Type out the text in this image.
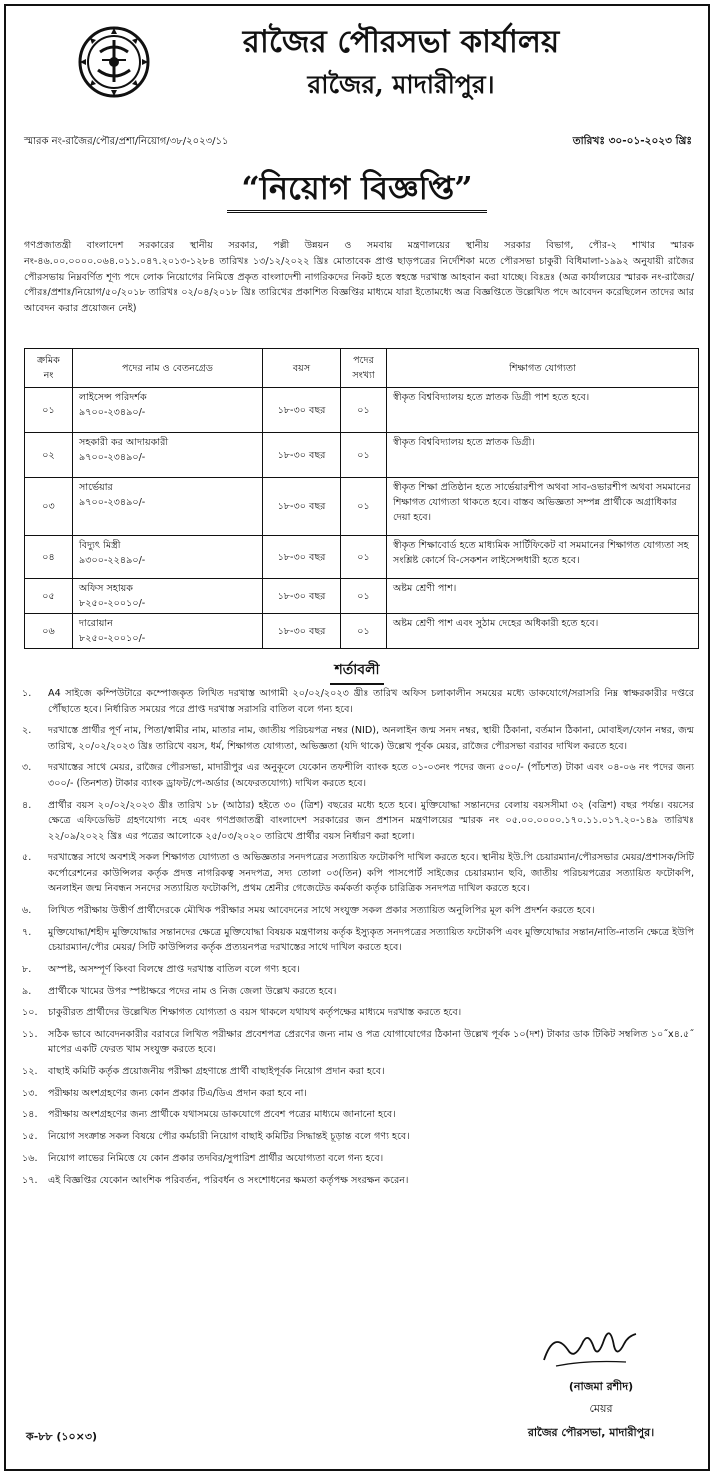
রাজৈর পৌরসভা কার্যালয়
রাজৈর, মাদারীপুর।
স্মারক নং-রাজৈর/পৌর/প্রশা/নিয়োগ/৩৮/২০২৩/১১	তারিখঃ ৩০-০১-২০২৩ খ্রিঃ
“নিয়োগ বিজ্ঞপ্তি”
গণপ্রজাতন্ত্রী বাংলাদেশ সরকারের স্থানীয় সরকার, পল্লী উন্নয়ন ও সমবায় মন্ত্রণালয়ের স্থানীয় সরকার বিভাগ, পৌর-২ শাখার স্মারক নং-৪৬.০০.০০০০.০৬৪.০১১.০৪৭.২০১৩-১২৮৪ তারিখঃ ১৩/১২/২০২২ খ্রিঃ মোতাবেক প্রাপ্ত ছাড়পত্রের নির্দেশিকা মতে পৌরসভা চাকুরী বিধিমালা-১৯৯২ অনুযায়ী রাজৈর পৌরসভায় নিম্নবর্ণিত শূণ্য পদে লোক নিয়োগের নিমিত্তে প্রকৃত বাংলাদেশী নাগরিকদের নিকট হতে স্বহস্তে দরখাস্ত আহবান করা যাচ্ছে। বিঃদ্রঃ (অত্র কার্যালয়ের স্মারক নং-রাজৈর/পৌরঃ/প্রশাঃ/নিয়োগ/৫০/২০১৮ তারিখঃ ০২/০৪/২০১৮ খ্রিঃ তারিখের প্রকাশিত বিজ্ঞপ্তির মাধ্যমে যারা ইতোমধ্যে অত্র বিজ্ঞপ্তিতে উল্লেখিত পদে আবেদন করেছিলেন তাদের আর আবেদন করার প্রয়োজন নেই)
ক্রমিক নং	পদের নাম ও বেতনগ্রেড	বয়স	পদের সংখ্যা	শিক্ষাগত যোগ্যতা
০১	লাইসেন্স পরিদর্শক
৯৭০০-২৩৪৯০/-	১৮-৩০ বছর	০১	স্বীকৃত বিশ্ববিদ্যালয় হতে স্নাতক ডিগ্রী পাশ হতে হবে।
০২	সহকারী কর আদায়কারী
৯৭০০-২৩৪৯০/-	১৮-৩০ বছর	০১	স্বীকৃত বিশ্ববিদ্যালয় হতে স্নাতক ডিগ্রী।
০৩	সার্ভেয়ার
৯৭০০-২৩৪৯০/-	১৮-৩০ বছর	০১	স্বীকৃত শিক্ষা প্রতিষ্ঠান হতে সার্ভেয়ারশীপ অথবা সাব-ওভারশীপ অথবা সমমানের শিক্ষাগত যোগ্যতা থাকতে হবে। বাস্তব অভিজ্ঞতা সম্পন্ন প্রার্থীকে অগ্রাধিকার দেয়া হবে।
০৪	বিদ্যুৎ মিস্ত্রী
৯৩০০-২২৪৯০/-	১৮-৩০ বছর	০১	স্বীকৃত শিক্ষাবোর্ড হতে মাধ্যমিক সার্টিফিকেট বা সমমানের শিক্ষাগত যোগ্যতা সহ সংশ্লিষ্ট কোর্সে বি-সেকশন লাইসেন্সধারী হতে হবে।
০৫	অফিস সহায়ক
৮২৫০-২০০১০/-	১৮-৩০ বছর	০১	অষ্টম শ্রেণী পাশ।
০৬	দারোয়ান
৮২৫০-২০০১০/-	১৮-৩০ বছর	০১	অষ্টম শ্রেণী পাশ এবং সুঠাম দেহের অধিকারী হতে হবে।
শর্তাবলী
১.	A4 সাইজে কম্পিউটারে কম্পোজকৃত লিখিত দরখাস্ত আগামী ২০/০২/২০২৩ খ্রীঃ তারিখ অফিস চলাকালীন সময়ের মধ্যে ডাকযোগে/সরাসরি নিম্ন স্বাক্ষরকারীর দপ্তরে পৌঁছাতে হবে। নির্ধারিত সময়ের পরে প্রাপ্ত দরখাস্ত সরাসরি বাতিল বলে গন্য হবে।
২.	দরখাস্তে প্রার্থীর পূর্ণ নাম, পিতা/স্বামীর নাম, মাতার নাম, জাতীয় পরিচয়পত্র নম্বর (NID), অনলাইন জন্ম সনদ নম্বর, স্থায়ী ঠিকানা, বর্তমান ঠিকানা, মোবাইল/ফোন নম্বর, জন্ম তারিখ, ২০/০২/২০২৩ খ্রিঃ তারিখে বয়স, ধর্ম, শিক্ষাগত যোগ্যতা, অভিজ্ঞতা (যদি থাকে) উল্লেখ পূর্বক মেয়র, রাজৈর পৌরসভা বরাবর দাখিল করতে হবে।
৩.	দরখাস্তের সাথে মেয়র, রাজৈর পৌরসভা, মাদারীপুর এর অনুকূলে যেকোন তফশীলি ব্যাংক হতে ০১-০৩নং পদের জন্য ৫০০/- (পাঁচশত) টাকা এবং ০৪-০৬ নং পদের জন্য ৩০০/- (তিনশত) টাকার ব্যাংক ড্রাফট/পে-অর্ডার (অফেরতযোগ্য) দাখিল করতে হবে।
৪.	প্রার্থীর বয়স ২০/০২/২০২৩ খ্রীঃ তারিখ ১৮ (আঠার) হইতে ৩০ (ত্রিশ) বছরের মধ্যে হতে হবে। মুক্তিযোদ্ধা সন্তানদের বেলায় বয়সসীমা ৩২ (বত্রিশ) বছর পর্যন্ত। বয়সের ক্ষেত্রে এফিডেভিট গ্রহণযোগ্য নহে এবং গণপ্রজাতন্ত্রী বাংলাদেশ সরকারের জন প্রশাসন মন্ত্রণালয়ের স্মারক নং ০৫.০০.০০০০.১৭০.১১.০১৭.২০-১৪৯ তারিখঃ ২২/০৯/২০২২ খ্রিঃ এর পত্রের আলোকে ২৫/০৩/২০২০ তারিখে প্রার্থীর বয়স নির্ধারণ করা হলো।
৫.	দরখাস্তের সাথে অবশ্যই সকল শিক্ষাগত যোগ্যতা ও অভিজ্ঞতার সনদপত্রের সত্যায়িত ফটোকপি দাখিল করতে হবে। স্থানীয় ইউ.পি চেয়ারম্যান/পৌরসভার মেয়র/প্রশাসক/সিটি কর্পোরেশনের কাউন্সিলর কর্তৃক প্রদত্ত নাগরিকত্ব সনদপত্র, সদ্য তোলা ০৩(তিন) কপি পাসপোর্ট সাইজের চেয়ারম্যান ছবি, জাতীয় পরিচয়পত্রের সত্যায়িত ফটোকপি, অনলাইন জন্ম নিবন্ধন সনদের সত্যায়িত ফটোকপি, প্রথম শ্রেনীর গেজেটেড কর্মকর্তা কর্তৃক চারিত্রিক সনদপত্র দাখিল করতে হবে।
৬.	লিখিত পরীক্ষায় উত্তীর্ণ প্রার্থীদেরকে মৌখিক পরীক্ষার সময় আবেদনের সাথে সংযুক্ত সকল প্রকার সত্যায়িত অনুলিপির মূল কপি প্রদর্শন করতে হবে।
৭.	মুক্তিযোদ্ধা/শহীদ মুক্তিযোদ্ধার সন্তানদের ক্ষেত্রে মুক্তিযোদ্ধা বিষয়ক মন্ত্রণালয় কর্তৃক ইস্যুকৃত সনদপত্রের সত্যায়িত ফটোকপি এবং মুক্তিযোদ্ধার সন্তান/নাতি-নাতনি ক্ষেত্রে ইউপি চেয়ারম্যান/পৌর মেয়র/ সিটি কাউন্সিলর কর্তৃক প্রত্যয়নপত্র দরখাস্তের সাথে দাখিল করতে হবে।
৮.	অস্পষ্ট, অসম্পূর্ণ কিংবা বিলম্বে প্রাপ্ত দরখাস্ত বাতিল বলে গণ্য হবে।
৯.	প্রার্থীকে খামের উপর স্পষ্টাক্ষরে পদের নাম ও নিজ জেলা উল্লেখ করতে হবে।
১০.	চাকুরীরত প্রার্থীদের উল্লেখিত শিক্ষাগত যোগ্যতা ও বয়স থাকলে যথাযথ কর্তৃপক্ষের মাধ্যমে দরখাস্ত করতে হবে।
১১.	সঠিক ভাবে আবেদনকারীর বরাবরে লিখিত পরীক্ষার প্রবেশপত্র প্রেরণের জন্য নাম ও পত্র যোগাযোগের ঠিকানা উল্লেখ পূর্বক ১০(দশ) টাকার ডাক টিকিট সম্বলিত ১০˝x৪.৫˝ মাপের একটি ফেরত খাম সংযুক্ত করতে হবে।
১২.	বাছাই কমিটি কর্তৃক প্রয়োজনীয় পরীক্ষা গ্রহণান্তে প্রার্থী বাছাইপূর্বক নিয়োগ প্রদান করা হবে।
১৩.	পরীক্ষায় অংশগ্রহণের জন্য কোন প্রকার টিএ/ডিএ প্রদান করা হবে না।
১৪.	পরীক্ষায় অংশগ্রহণের জন্য প্রার্থীকে যথাসময়ে ডাকযোগে প্রবেশ পত্রের মাধ্যমে জানানো হবে।
১৫.	নিয়োগ সংক্রান্ত সকল বিষয়ে পৌর কর্মচারী নিয়োগ বাছাই কমিটির সিদ্ধান্তই চূড়ান্ত বলে গণ্য হবে।
১৬.	নিয়োগ লাভের নিমিত্তে যে কোন প্রকার তদবির/সুপারিশ প্রার্থীর অযোগ্যতা বলে গন্য হবে।
১৭.	এই বিজ্ঞপ্তির যেকোন আংশিক পরিবর্তন, পরিবর্ধন ও সংশোধনের ক্ষমতা কর্তৃপক্ষ সংরক্ষন করেন।
(নাজমা রশীদ)
মেয়র
রাজৈর পৌরসভা, মাদারীপুর।
ক-৮৮ (১০×৩)
